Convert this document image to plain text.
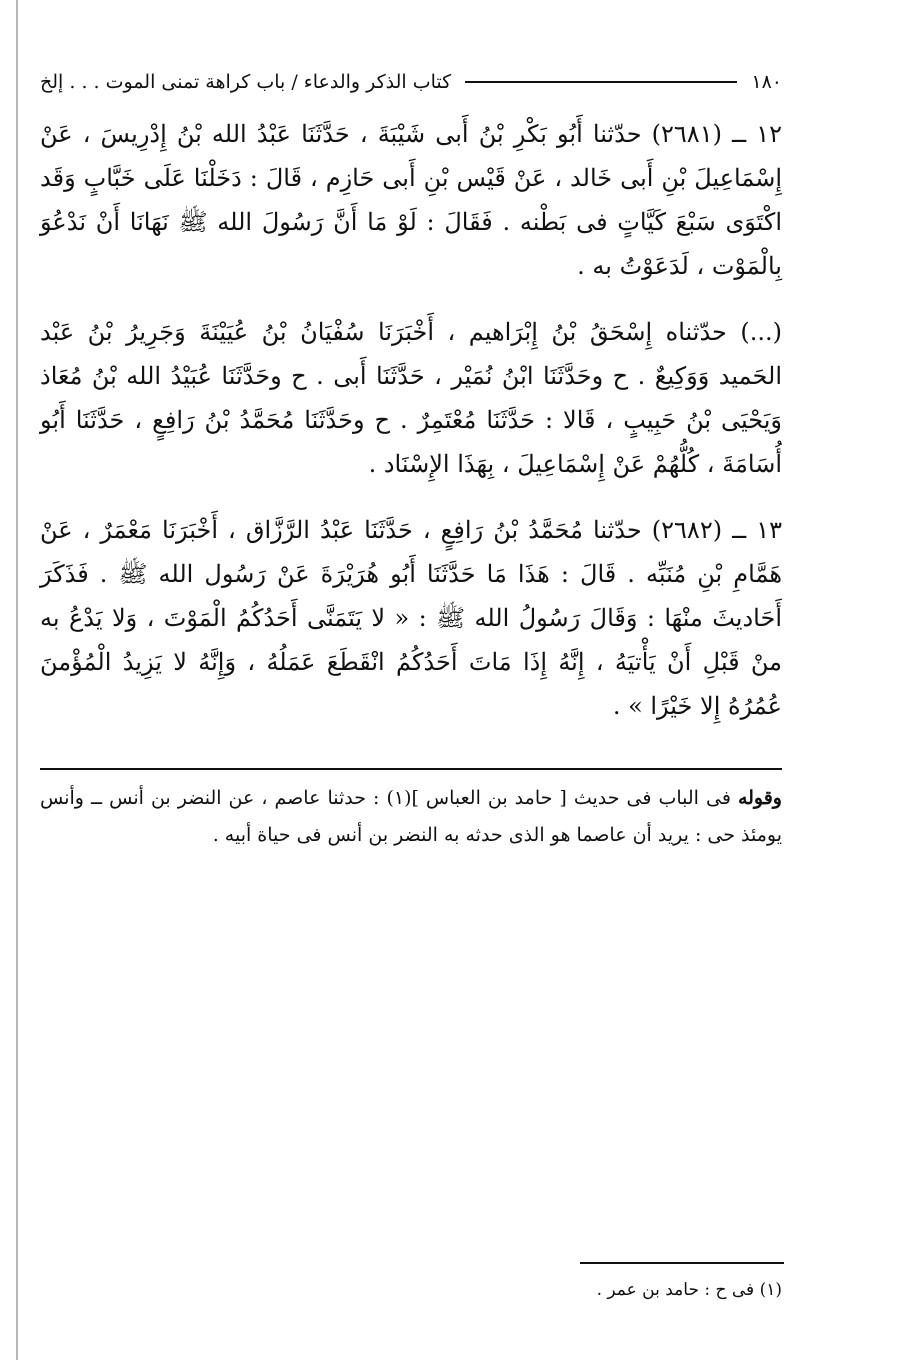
١٨٠
كتاب الذكر والدعاء / باب كراهة تمنى الموت . . . إلخ

١٢ ــ (٢٦٨١) حدّثنا أَبُو بَكْرِ بْنُ أَبى شَيْبَةَ ، حَدَّثَنَا عَبْدُ الله بْنُ إِدْرِيسَ ، عَنْ إِسْمَاعِيلَ بْنِ أَبى خَالد ، عَنْ قَيْس بْنِ أَبى حَازِم ، قَالَ : دَخَلْنَا عَلَى خَبَّابٍ وَقَد اكْتَوَى سَبْعَ كَيَّاتٍ فى بَطْنه . فَقَالَ : لَوْ مَا أَنَّ رَسُولَ الله ﷺ نَهَانَا أَنْ نَدْعُوَ بِالْمَوْت ، لَدَعَوْتُ به .

(...) حدّثناه إِسْحَقُ بْنُ إِبْرَاهيم ، أَخْبَرَنَا سُفْيَانُ بْنُ عُيَيْنَةَ وَجَرِيرُ بْنُ عَبْد الحَميد وَوَكِيعٌ . ح وحَدَّثَنَا ابْنُ نُمَيْر ، حَدَّثَنَا أَبى . ح وحَدَّثَنَا عُبَيْدُ الله بْنُ مُعَاذ وَيَحْيَى بْنُ حَبِيبٍ ، قَالا : حَدَّثَنَا مُعْتَمِرٌ . ح وحَدَّثَنَا مُحَمَّدُ بْنُ رَافِعٍ ، حَدَّثَنَا أَبُو أُسَامَةَ ، كُلُّهُمْ عَنْ إِسْمَاعِيلَ ، بِهَذَا الإِسْنَاد .

١٣ ــ (٢٦٨٢) حدّثنا مُحَمَّدُ بْنُ رَافِعٍ ، حَدَّثَنَا عَبْدُ الرَّزَّاق ، أَخْبَرَنَا مَعْمَرٌ ، عَنْ هَمَّامِ بْنِ مُنَبِّه . قَالَ : هَذَا مَا حَدَّثَنَا أَبُو هُرَيْرَةَ عَنْ رَسُول الله ﷺ . فَذَكَرَ أَحَاديثَ منْهَا : وَقَالَ رَسُولُ الله ﷺ : « لا يَتَمَنَّى أَحَدُكُمُ الْمَوْتَ ، وَلا يَدْعُ به منْ قَبْلِ أَنْ يَأْتيَهُ ، إِنَّهُ إِذَا مَاتَ أَحَدُكُمُ انْقَطَعَ عَمَلُهُ ، وَإِنَّهُ لا يَزِيدُ الْمُؤْمنَ عُمُرُهُ إِلا خَيْرًا » .

وقوله فى الباب فى حديث [ حامد بن العباس ](١) : حدثنا عاصم ، عن النضر بن أنس ــ وأنس يومئذ حى : يريد أن عاصما هو الذى حدثه به النضر بن أنس فى حياة أبيه .

(١) فى ح : حامد بن عمر .
